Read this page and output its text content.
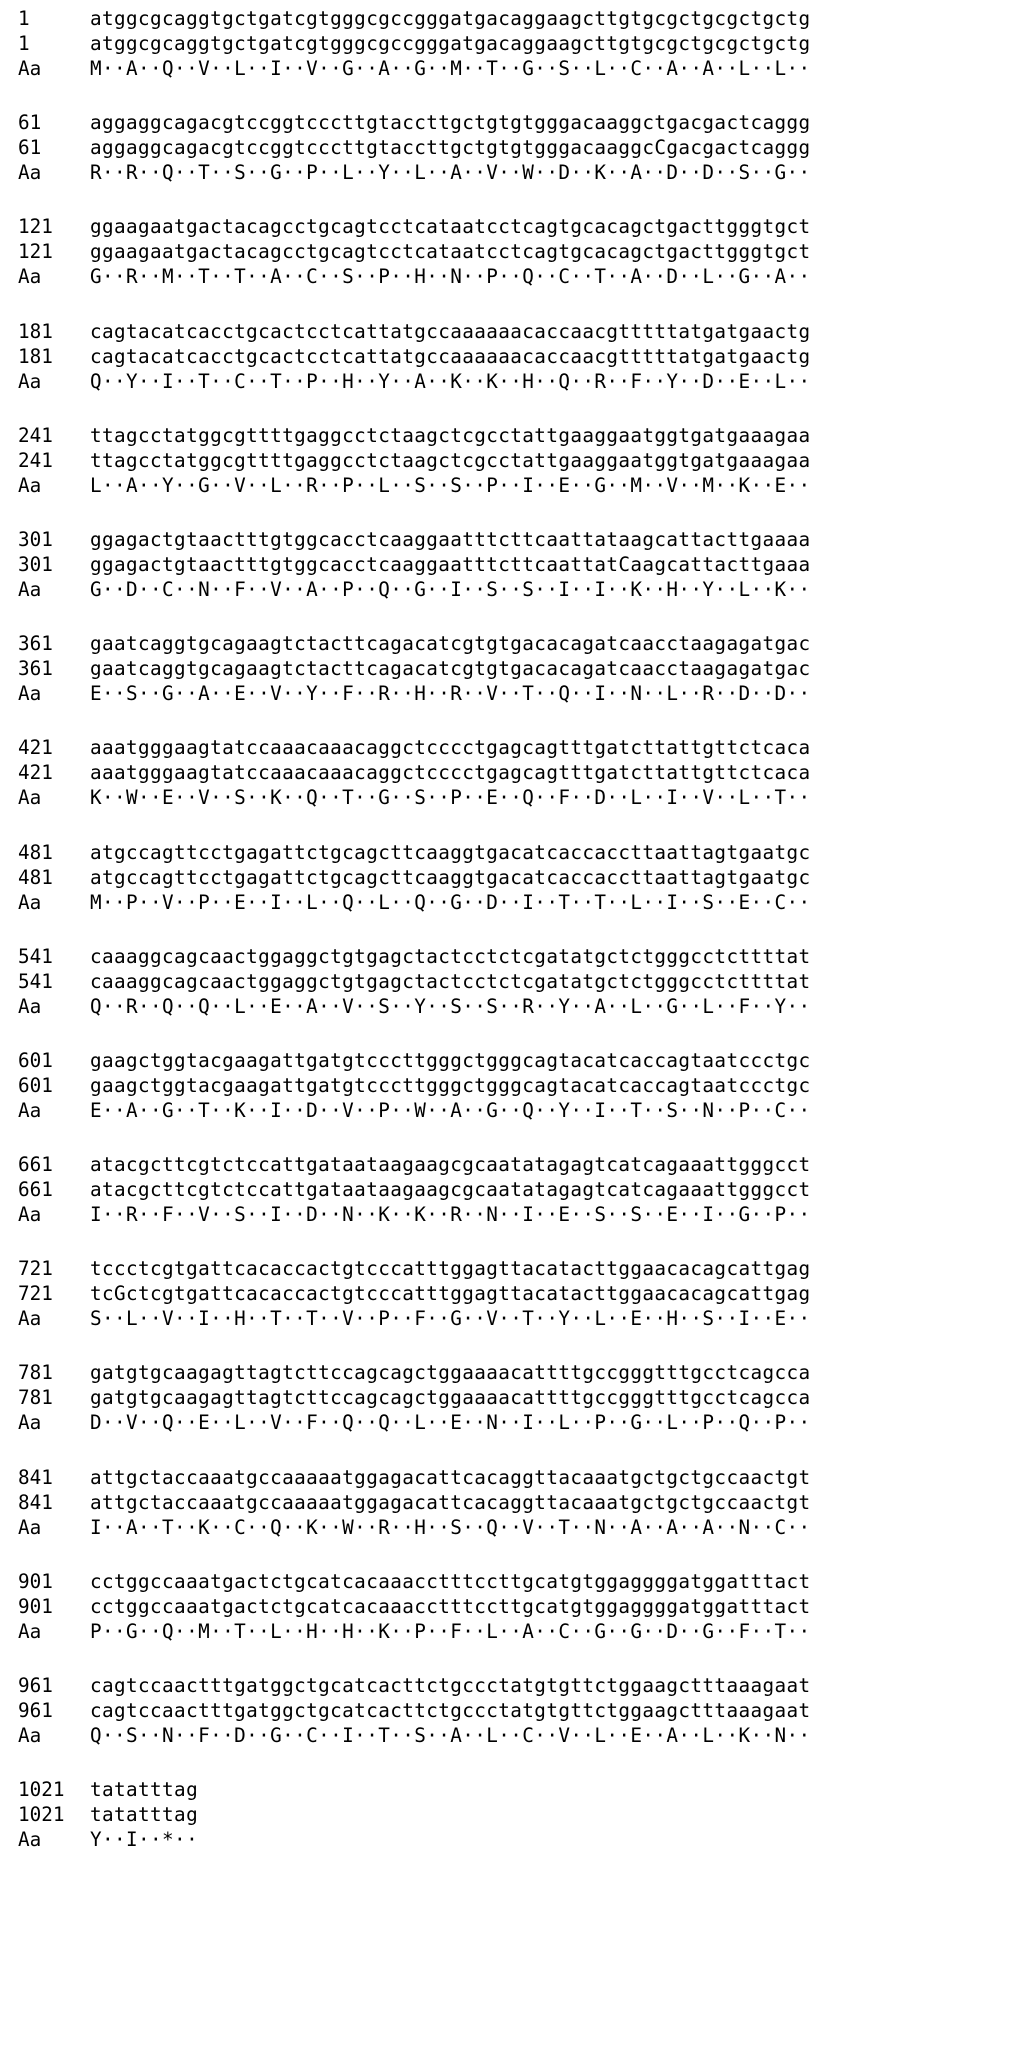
1	atggcgcaggtgctgatcgtgggcgccgggatgacaggaagcttgtgcgctgcgctgctg
1	atggcgcaggtgctgatcgtgggcgccgggatgacaggaagcttgtgcgctgcgctgctg
Aa	M··A··Q··V··L··I··V··G··A··G··M··T··G··S··L··C··A··A··L··L··
61	aggaggcagacgtccggtcccttgtaccttgctgtgtgggacaaggctgacgactcaggg
61	aggaggcagacgtccggtcccttgtaccttgctgtgtgggacaaggcCgacgactcaggg
Aa	R··R··Q··T··S··G··P··L··Y··L··A··V··W··D··K··A··D··D··S··G··
121	ggaagaatgactacagcctgcagtcctcataatcctcagtgcacagctgacttgggtgct
121	ggaagaatgactacagcctgcagtcctcataatcctcagtgcacagctgacttgggtgct
Aa	G··R··M··T··T··A··C··S··P··H··N··P··Q··C··T··A··D··L··G··A··
181	cagtacatcacctgcactcctcattatgccaaaaaacaccaacgtttttatgatgaactg
181	cagtacatcacctgcactcctcattatgccaaaaaacaccaacgtttttatgatgaactg
Aa	Q··Y··I··T··C··T··P··H··Y··A··K··K··H··Q··R··F··Y··D··E··L··
241	ttagcctatggcgttttgaggcctctaagctcgcctattgaaggaatggtgatgaaagaa
241	ttagcctatggcgttttgaggcctctaagctcgcctattgaaggaatggtgatgaaagaa
Aa	L··A··Y··G··V··L··R··P··L··S··S··P··I··E··G··M··V··M··K··E··
301	ggagactgtaactttgtggcacctcaaggaatttcttcaattataagcattacttgaaaa
301	ggagactgtaactttgtggcacctcaaggaatttcttcaattatCaagcattacttgaaa
Aa	G··D··C··N··F··V··A··P··Q··G··I··S··S··I··I··K··H··Y··L··K··
361	gaatcaggtgcagaagtctacttcagacatcgtgtgacacagatcaacctaagagatgac
361	gaatcaggtgcagaagtctacttcagacatcgtgtgacacagatcaacctaagagatgac
Aa	E··S··G··A··E··V··Y··F··R··H··R··V··T··Q··I··N··L··R··D··D··
421	aaatgggaagtatccaaacaaacaggctcccctgagcagtttgatcttattgttctcaca
421	aaatgggaagtatccaaacaaacaggctcccctgagcagtttgatcttattgttctcaca
Aa	K··W··E··V··S··K··Q··T··G··S··P··E··Q··F··D··L··I··V··L··T··
481	atgccagttcctgagattctgcagcttcaaggtgacatcaccaccttaattagtgaatgc
481	atgccagttcctgagattctgcagcttcaaggtgacatcaccaccttaattagtgaatgc
Aa	M··P··V··P··E··I··L··Q··L··Q··G··D··I··T··T··L··I··S··E··C··
541	caaaggcagcaactggaggctgtgagctactcctctcgatatgctctgggcctcttttat
541	caaaggcagcaactggaggctgtgagctactcctctcgatatgctctgggcctcttttat
Aa	Q··R··Q··Q··L··E··A··V··S··Y··S··S··R··Y··A··L··G··L··F··Y··
601	gaagctggtacgaagattgatgtcccttgggctgggcagtacatcaccagtaatccctgc
601	gaagctggtacgaagattgatgtcccttgggctgggcagtacatcaccagtaatccctgc
Aa	E··A··G··T··K··I··D··V··P··W··A··G··Q··Y··I··T··S··N··P··C··
661	atacgcttcgtctccattgataataagaagcgcaatatagagtcatcagaaattgggcct
661	atacgcttcgtctccattgataataagaagcgcaatatagagtcatcagaaattgggcct
Aa	I··R··F··V··S··I··D··N··K··K··R··N··I··E··S··S··E··I··G··P··
721	tccctcgtgattcacaccactgtcccatttggagttacatacttggaacacagcattgag
721	tcGctcgtgattcacaccactgtcccatttggagttacatacttggaacacagcattgag
Aa	S··L··V··I··H··T··T··V··P··F··G··V··T··Y··L··E··H··S··I··E··
781	gatgtgcaagagttagtcttccagcagctggaaaacattttgccgggtttgcctcagcca
781	gatgtgcaagagttagtcttccagcagctggaaaacattttgccgggtttgcctcagcca
Aa	D··V··Q··E··L··V··F··Q··Q··L··E··N··I··L··P··G··L··P··Q··P··
841	attgctaccaaatgccaaaaatggagacattcacaggttacaaatgctgctgccaactgt
841	attgctaccaaatgccaaaaatggagacattcacaggttacaaatgctgctgccaactgt
Aa	I··A··T··K··C··Q··K··W··R··H··S··Q··V··T··N··A··A··A··N··C··
901	cctggccaaatgactctgcatcacaaacctttccttgcatgtggaggggatggatttact
901	cctggccaaatgactctgcatcacaaacctttccttgcatgtggaggggatggatttact
Aa	P··G··Q··M··T··L··H··H··K··P··F··L··A··C··G··G··D··G··F··T··
961	cagtccaactttgatggctgcatcacttctgccctatgtgttctggaagctttaaagaat
961	cagtccaactttgatggctgcatcacttctgccctatgtgttctggaagctttaaagaat
Aa	Q··S··N··F··D··G··C··I··T··S··A··L··C··V··L··E··A··L··K··N··
1021	tatatttag
1021	tatatttag
Aa	Y··I··*··
